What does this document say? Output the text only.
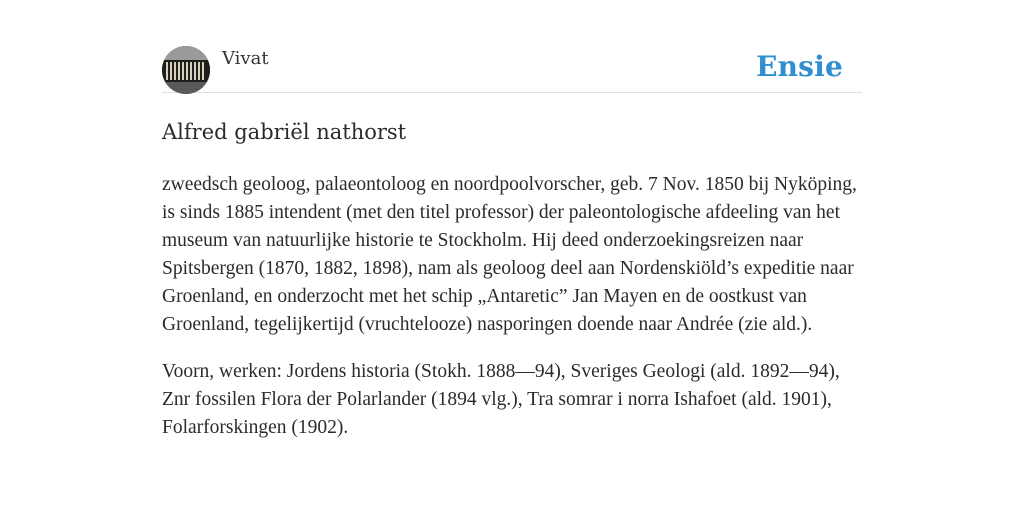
Vivat	Ensie
Alfred gabriël nathorst

zweedsch geoloog, palaeontoloog en noordpoolvorscher, geb. 7 Nov. 1850 bij Nyköping, is sinds 1885 intendent (met den titel professor) der paleontologische afdeeling van het museum van natuurlijke historie te Stockholm. Hij deed onderzoekingsreizen naar Spitsbergen (1870, 1882, 1898), nam als geoloog deel aan Nordenskiöld’s expeditie naar Groenland, en onderzocht met het schip „Antaretic” Jan Mayen en de oostkust van Groenland, tegelijkertijd (vruchtelooze) nasporingen doende naar Andrée (zie ald.).

Voorn, werken: Jordens historia (Stokh. 1888—94), Sveriges Geologi (ald. 1892—94), Znr fossilen Flora der Polarlander (1894 vlg.), Tra somrar i norra Ishafoet (ald. 1901), Folarforskingen (1902).
